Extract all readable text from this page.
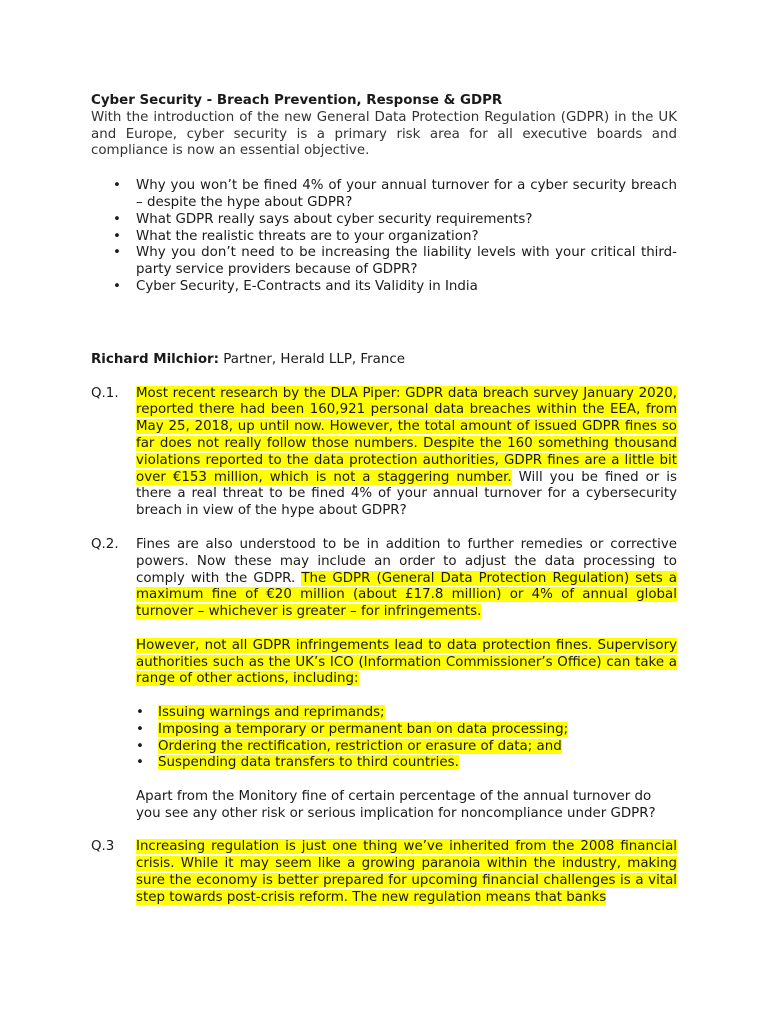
Cyber Security - Breach Prevention, Response & GDPR

With the introduction of the new General Data Protection Regulation (GDPR) in the UK and Europe, cyber security is a primary risk area for all executive boards and compliance is now an essential objective.

• Why you won’t be fined 4% of your annual turnover for a cyber security breach – despite the hype about GDPR?
• What GDPR really says about cyber security requirements?
• What the realistic threats are to your organization?
• Why you don’t need to be increasing the liability levels with your critical third-party service providers because of GDPR?
• Cyber Security, E-Contracts and its Validity in India

Richard Milchior: Partner, Herald LLP, France

Q.1. Most recent research by the DLA Piper: GDPR data breach survey January 2020, reported there had been 160,921 personal data breaches within the EEA, from May 25, 2018, up until now. However, the total amount of issued GDPR fines so far does not really follow those numbers. Despite the 160 something thousand violations reported to the data protection authorities, GDPR fines are a little bit over €153 million, which is not a staggering number. Will you be fined or is there a real threat to be fined 4% of your annual turnover for a cybersecurity breach in view of the hype about GDPR?

Q.2. Fines are also understood to be in addition to further remedies or corrective powers. Now these may include an order to adjust the data processing to comply with the GDPR. The GDPR (General Data Protection Regulation) sets a maximum fine of €20 million (about £17.8 million) or 4% of annual global turnover – whichever is greater – for infringements.

However, not all GDPR infringements lead to data protection fines. Supervisory authorities such as the UK’s ICO (Information Commissioner’s Office) can take a range of other actions, including:

• Issuing warnings and reprimands;
• Imposing a temporary or permanent ban on data processing;
• Ordering the rectification, restriction or erasure of data; and
• Suspending data transfers to third countries.

Apart from the Monitory fine of certain percentage of the annual turnover do you see any other risk or serious implication for noncompliance under GDPR?

Q.3 Increasing regulation is just one thing we’ve inherited from the 2008 financial crisis. While it may seem like a growing paranoia within the industry, making sure the economy is better prepared for upcoming financial challenges is a vital step towards post-crisis reform. The new regulation means that banks
